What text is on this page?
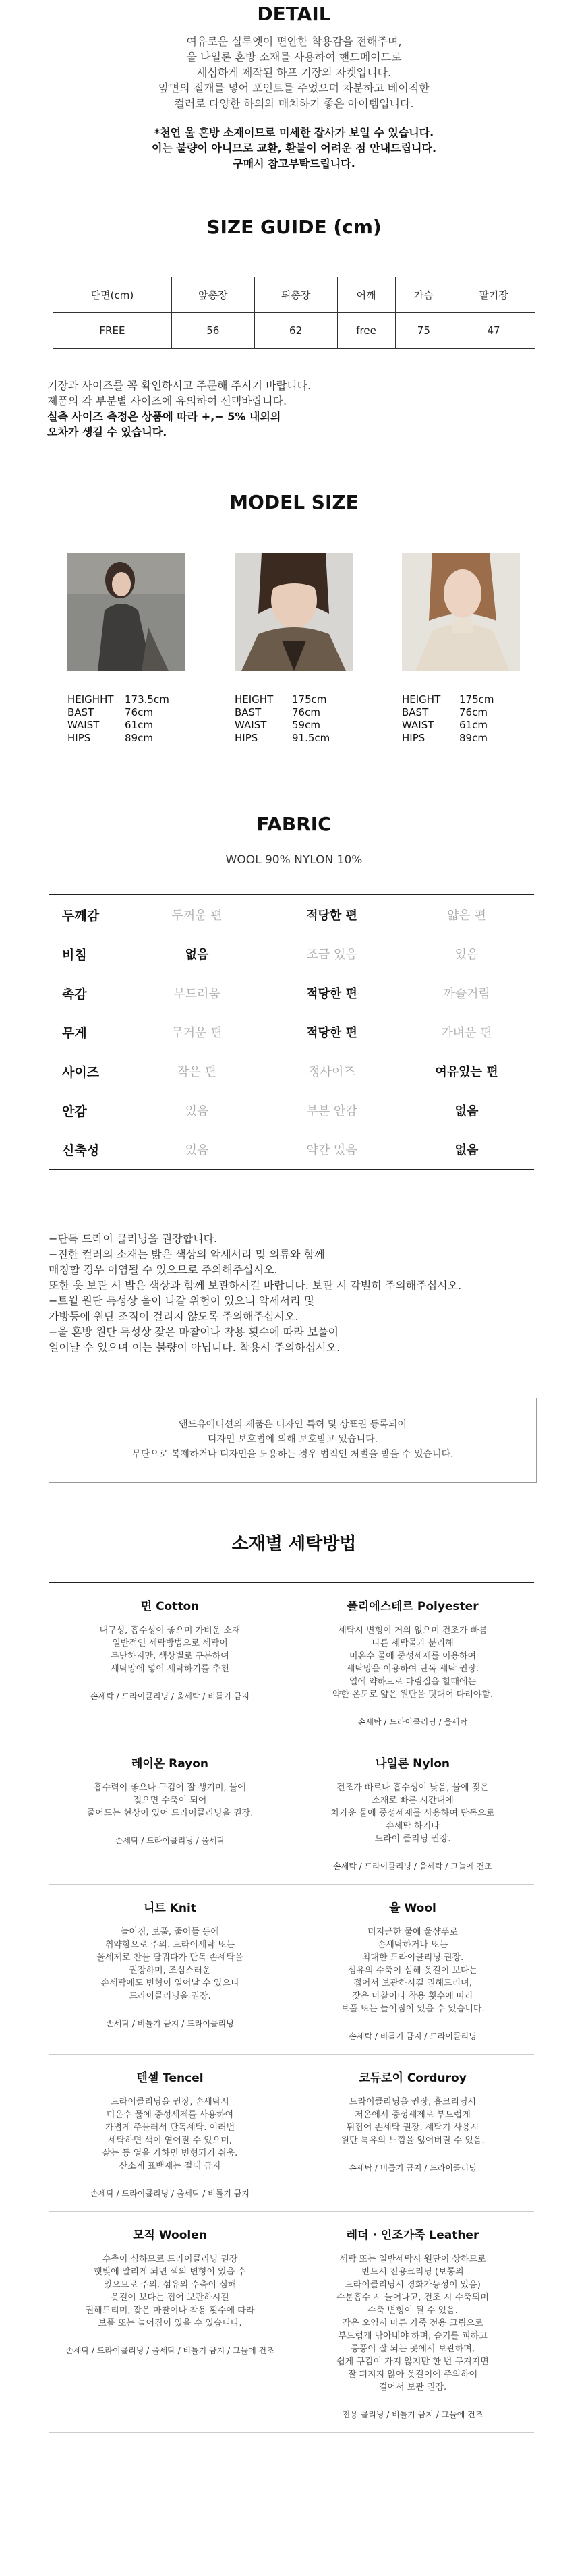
DETAIL
여유로운 실루엣이 편안한 착용감을 전해주며,
울 나일론 혼방 소재를 사용하여 핸드메이드로
세심하게 제작된 하프 기장의 자켓입니다.
앞면의 절개를 넣어 포인트를 주었으며 차분하고 베이직한
컬러로 다양한 하의와 매치하기 좋은 아이템입니다.
*천연 울 혼방 소재이므로 미세한 잡사가 보일 수 있습니다.
이는 불량이 아니므로 교환, 환불이 어려운 점 안내드립니다.
구매시 참고부탁드립니다.
SIZE GUIDE (cm)
단면(cm)	앞총장	뒤총장	어깨	가슴	팔기장
FREE	56	62	free	75	47
기장과 사이즈를 꼭 확인하시고 주문해 주시기 바랍니다.
제품의 각 부분별 사이즈에 유의하여 선택바랍니다.
실측 사이즈 측정은 상품에 따라 +,− 5% 내외의
오차가 생길 수 있습니다.
MODEL SIZE
HEIGHHT	173.5cm
BAST	76cm
WAIST	61cm
HIPS	89cm
HEIGHT	175cm
BAST	76cm
WAIST	59cm
HIPS	91.5cm
HEIGHT	175cm
BAST	76cm
WAIST	61cm
HIPS	89cm
FABRIC
WOOL 90% NYLON 10%
두께감	두꺼운 편	적당한 편	얇은 편
비침	없음	조금 있음	있음
촉감	부드러움	적당한 편	까슬거림
무게	무거운 편	적당한 편	가벼운 편
사이즈	작은 편	정사이즈	여유있는 편
안감	있음	부분 안감	없음
신축성	있음	약간 있음	없음
−단독 드라이 클리닝을 권장합니다.
−진한 컬러의 소재는 밝은 색상의 악세서리 및 의류와 함께
매칭할 경우 이염될 수 있으므로 주의해주십시오.
또한 옷 보관 시 밝은 색상과 함께 보관하시길 바랍니다. 보관 시 각별히 주의해주십시오.
−트윌 원단 특성상 올이 나갈 위험이 있으니 악세서리 및
가방등에 원단 조직이 걸리지 않도록 주의해주십시오.
−울 혼방 원단 특성상 잦은 마찰이나 착용 횟수에 따라 보풀이
일어날 수 있으며 이는 불량이 아닙니다. 착용시 주의하십시오.
앤드유에디션의 제품은 디자인 특허 및 상표권 등록되어
디자인 보호법에 의해 보호받고 있습니다.
무단으로 복제하거나 디자인을 도용하는 경우 법적인 처벌을 받을 수 있습니다.
소재별 세탁방법
면 Cotton
내구성, 흡수성이 좋으며 가벼운 소재
일반적인 세탁방법으로 세탁이
무난하지만, 색상별로 구분하여
세탁망에 넣어 세탁하기를 추천
손세탁 / 드라이클리닝 / 울세탁 / 비틀기 금지
폴리에스테르 Polyester
세탁시 변형이 거의 없으며 건조가 빠름
다른 세탁물과 분리해
미온수 물에 중성세제를 이용하여
세탁망을 이용하여 단독 세탁 권장.
열에 약하므로 다림질을 할때에는
약한 온도로 얇은 원단을 덧대어 다려야함.
손세탁 / 드라이클리닝 / 울세탁
레이온 Rayon
흡수력이 좋으나 구김이 잘 생기며, 물에
젖으면 수축이 되어
줄어드는 현상이 있어 드라이클리닝을 권장.
손세탁 / 드라이클리닝 / 울세탁
나일론 Nylon
건조가 빠르나 흡수성이 낮음, 물에 젖은
소재로 빠른 시간내에
차가운 물에 중성세제를 사용하여 단독으로
손세탁 하거나
드라이 클리닝 권장.
손세탁 / 드라이클리닝 / 울세탁 / 그늘에 건조
니트 Knit
늘어짐, 보풀, 줄어들 등에
취약함으로 주의. 드라이세탁 또는
울세제로 찬물 담궈다가 단독 손세탁을
권장하며, 조심스러운
손세탁에도 변형이 일어날 수 있으니
드라이클리닝을 권장.
손세탁 / 비틀기 금지 / 드라이클리닝
울 Wool
미지근한 물에 울샴푸로
손세탁하거나 또는
최대한 드라이클리닝 권장.
섬유의 수축이 심해 옷걸이 보다는
접어서 보관하시길 권해드리며,
잦은 마찰이나 착용 횟수에 따라
보풀 또는 늘어짐이 있을 수 있습니다.
손세탁 / 비틀기 금지 / 드라이클리닝
텐셀 Tencel
드라이클리닝을 권장, 손세탁시
미온수 물에 중성세제를 사용하여
가볍게 주물러서 단독세탁. 여러번
세탁하면 색이 옅어질 수 있으며,
삶는 등 열을 가하면 변형되기 쉬움.
산소계 표백제는 절대 금지
손세탁 / 드라이클리닝 / 울세탁 / 비틀기 금지
코듀로이 Corduroy
드라이클리닝을 권장, 흡크리닝시
저온에서 중성세제로 부드럽게
뒤집어 손세탁 권장. 세탁기 사용시
원단 특유의 느낌을 잃어버릴 수 있음.
손세탁 / 비틀기 금지 / 드라이클리닝
모직 Woolen
수축이 심하므로 드라이클리닝 권장
햇빛에 말리게 되면 색의 변형이 있을 수
있으므로 주의. 섬유의 수축이 심해
옷걸이 보다는 접어 보관하시길
권해드리며, 잦은 마찰이나 착용 횟수에 따라
보풀 또는 늘어짐이 있을 수 있습니다.
손세탁 / 드라이클리닝 / 울세탁 / 비틀기 금지 / 그늘에 건조
레더 · 인조가죽 Leather
세탁 또는 일반세탁시 원단이 상하므로
반드시 전용크리닝 (보통의
드라이클리닝시 경화가능성이 있음)
수분흡수 시 늘어나고, 건조 시 수축되며
수축 변형이 될 수 있음.
작은 오염시 마른 가죽 전용 크림으로
부드럽게 닦아내야 하며, 습기를 피하고
통풍이 잘 되는 곳에서 보관하며,
쉽게 구김이 가지 않지만 한 번 구겨지면
잘 펴지지 않아 옷걸이에 주의하여
걸어서 보관 권장.
전용 클리닝 / 비틀기 금지 / 그늘에 건조
